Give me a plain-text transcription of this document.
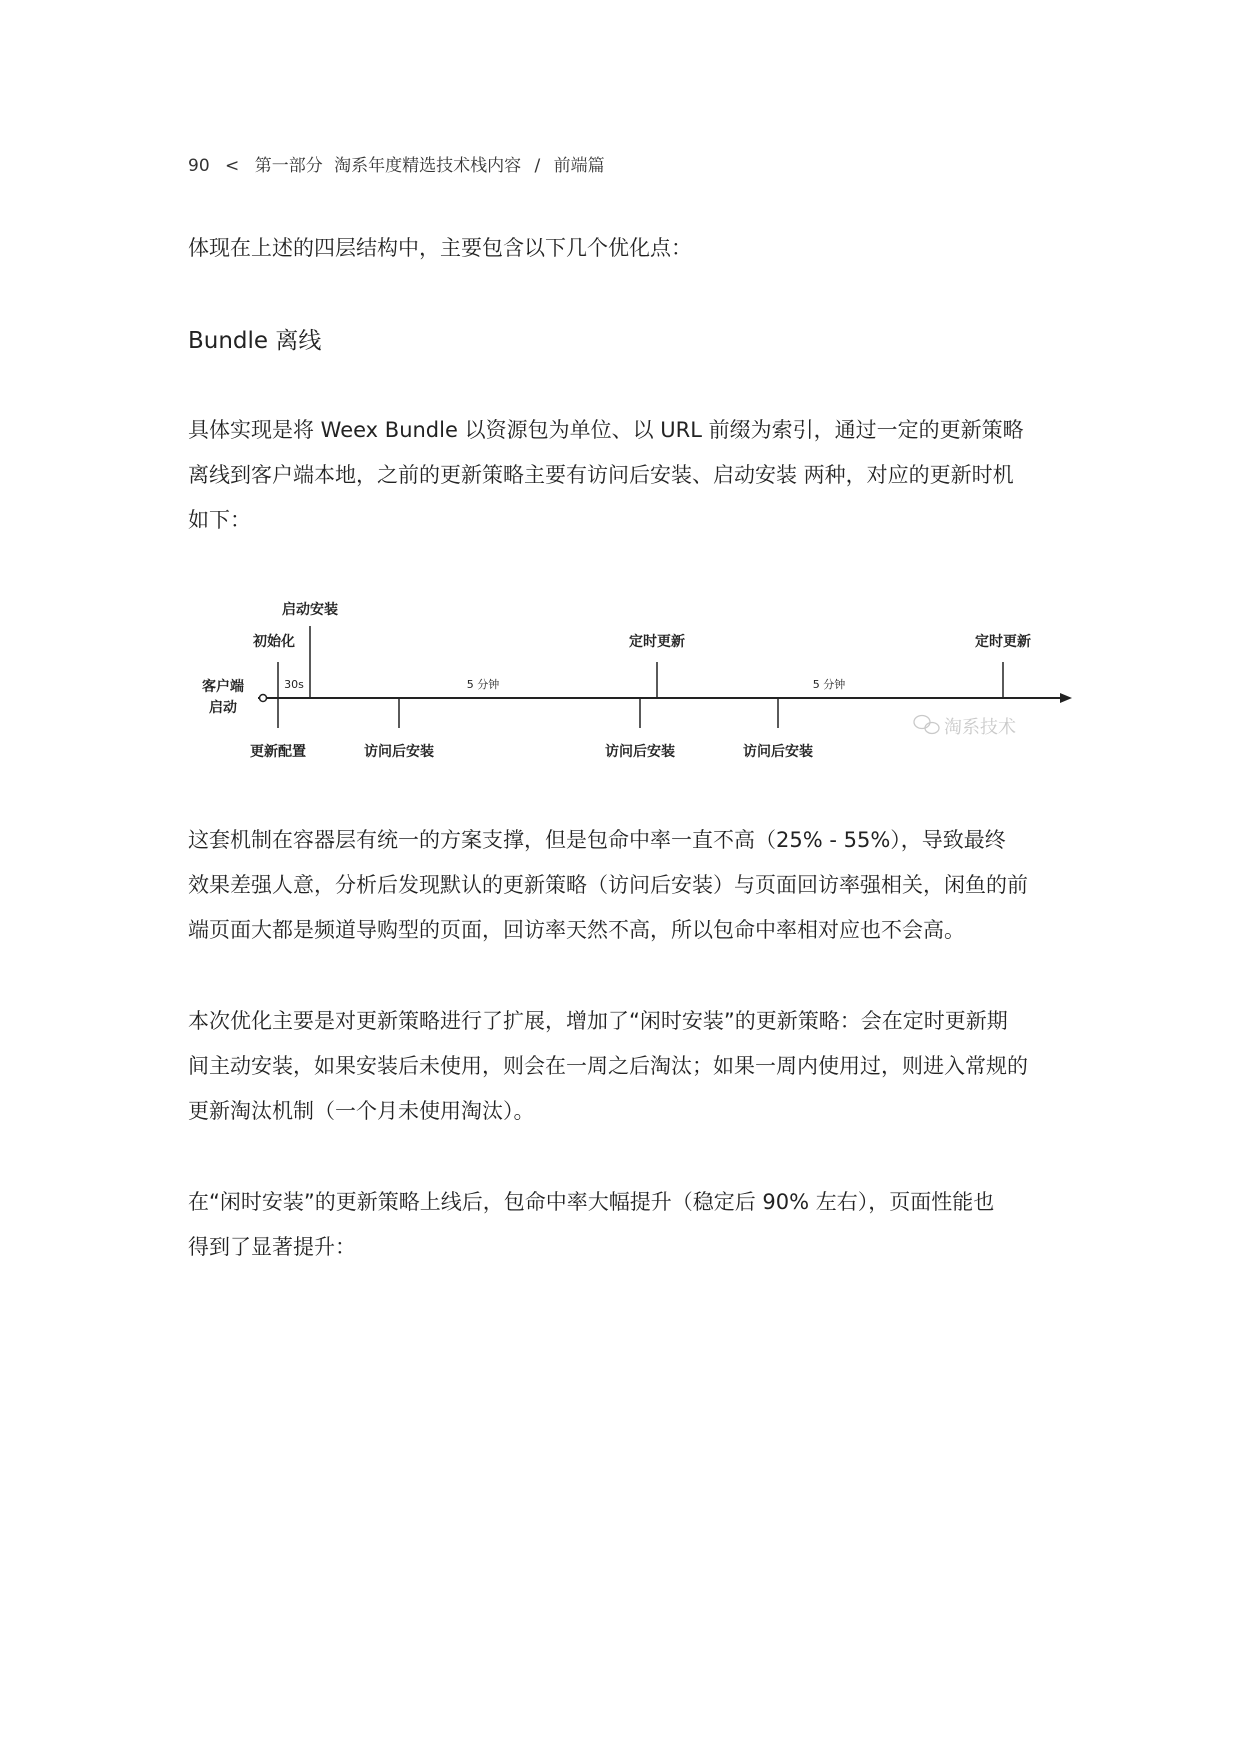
90 < 第一部分 淘系年度精选技术栈内容 / 前端篇

体现在上述的四层结构中，主要包含以下几个优化点：

Bundle 离线

具体实现是将 Weex Bundle 以资源包为单位、以 URL 前缀为索引，通过一定的更新策略
离线到客户端本地，之前的更新策略主要有访问后安装、启动安装 两种，对应的更新时机
如下：

客户端
启动
初始化
更新配置
启动安装
30s
访问后安装
5 分钟
访问后安装
定时更新
访问后安装
5 分钟
定时更新
淘系技术

这套机制在容器层有统一的方案支撑，但是包命中率一直不高（25% - 55%），导致最终
效果差强人意，分析后发现默认的更新策略（访问后安装）与页面回访率强相关，闲鱼的前
端页面大都是频道导购型的页面，回访率天然不高，所以包命中率相对应也不会高。

本次优化主要是对更新策略进行了扩展，增加了“闲时安装”的更新策略：会在定时更新期
间主动安装，如果安装后未使用，则会在一周之后淘汰；如果一周内使用过，则进入常规的
更新淘汰机制（一个月未使用淘汰）。

在“闲时安装”的更新策略上线后，包命中率大幅提升（稳定后 90% 左右），页面性能也
得到了显著提升：
